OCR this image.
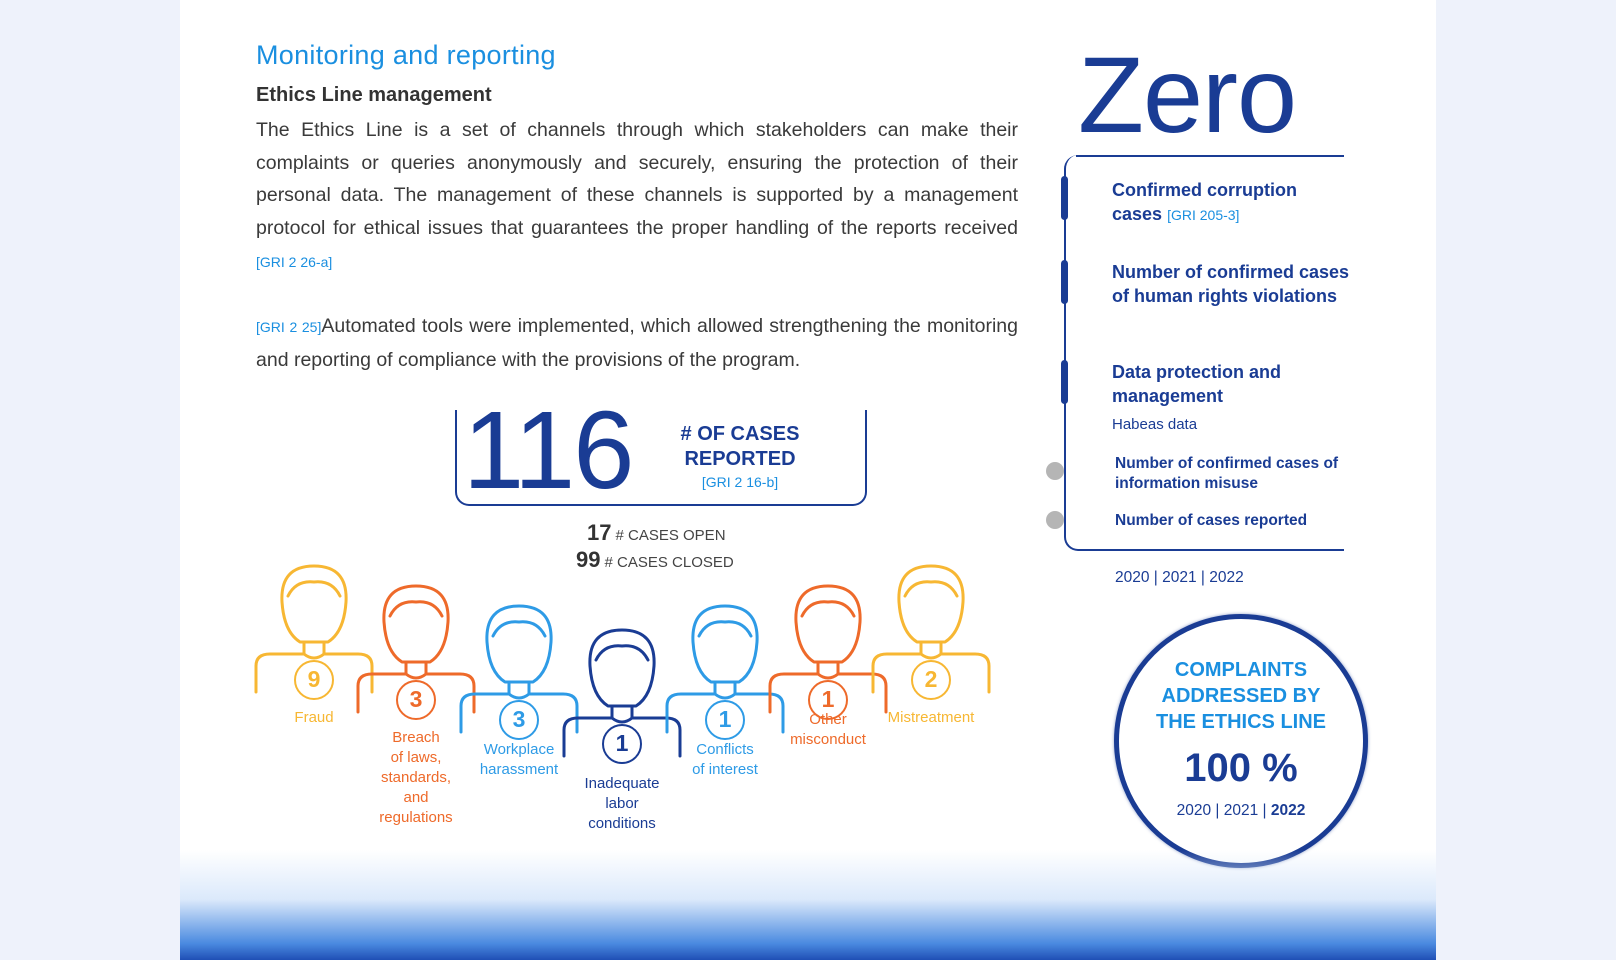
Monitoring and reporting
Ethics Line management

The Ethics Line is a set of channels through which stakeholders can make their complaints or queries anonymously and securely, ensuring the protection of their personal data. The management of these channels is supported by a management protocol for ethical issues that guarantees the proper handling of the reports received [GRI 2 26-a]

[GRI 2 25]Automated tools were implemented, which allowed strengthening the monitoring and reporting of compliance with the provisions of the program.

116	# OF CASES REPORTED
[GRI 2 16-b]
17 # CASES OPEN
99 # CASES CLOSED
9
Fraud
3
Breach
of laws,
standards,
and
regulations
3
Workplace
harassment
1
Inadequate
labor
conditions
1
Conflicts
of interest
1
Other
misconduct
2
Mistreatment
Zero

Confirmed corruption cases [GRI 205-3]

Number of confirmed cases of human rights violations

Data protection and management

Habeas data

Number of confirmed cases of information misuse

Number of cases reported

2020 | 2021 | 2022
COMPLAINTS
ADDRESSED BY
THE ETHICS LINE
100 %
2020 | 2021 | 2022
